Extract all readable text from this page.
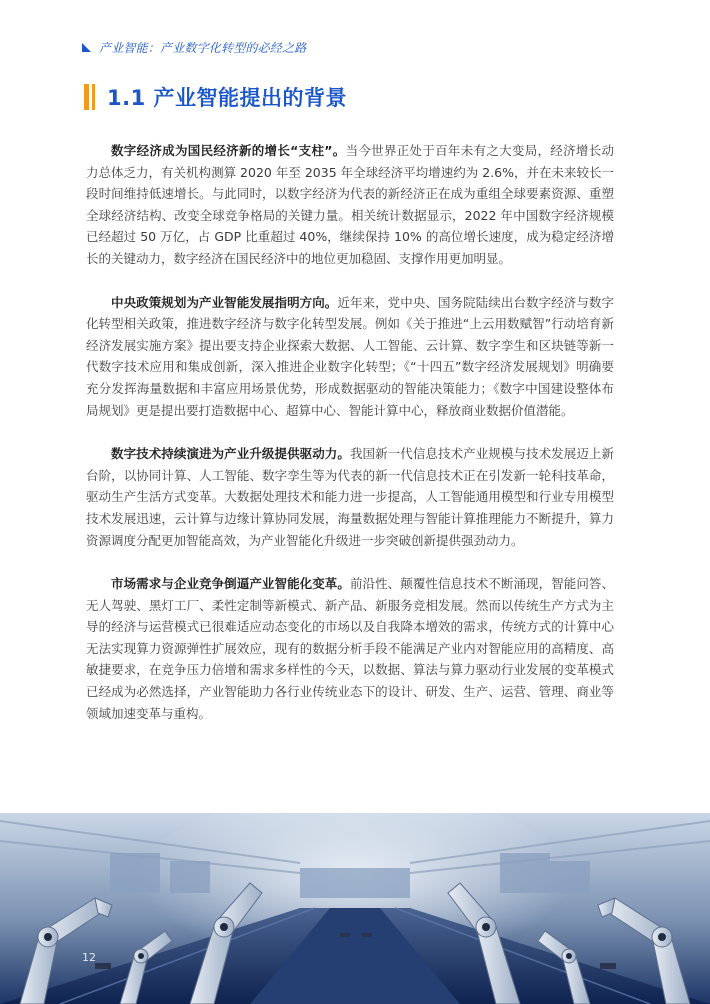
产业智能：产业数字化转型的必经之路
1.1 产业智能提出的背景

数字经济成为国民经济新的增长“支柱”。当今世界正处于百年未有之大变局，经济增长动力总体乏力，有关机构测算 2020 年至 2035 年全球经济平均增速约为 2.6%，并在未来较长一段时间维持低速增长。与此同时，以数字经济为代表的新经济正在成为重组全球要素资源、重塑全球经济结构、改变全球竞争格局的关键力量。相关统计数据显示，2022 年中国数字经济规模已经超过 50 万亿，占 GDP 比重超过 40%，继续保持 10% 的高位增长速度，成为稳定经济增长的关键动力，数字经济在国民经济中的地位更加稳固、支撑作用更加明显。

中央政策规划为产业智能发展指明方向。近年来，党中央、国务院陆续出台数字经济与数字化转型相关政策，推进数字经济与数字化转型发展。例如《关于推进“上云用数赋智”行动培育新经济发展实施方案》提出要支持企业探索大数据、人工智能、云计算、数字孪生和区块链等新一代数字技术应用和集成创新，深入推进企业数字化转型；《“十四五”数字经济发展规划》明确要充分发挥海量数据和丰富应用场景优势，形成数据驱动的智能决策能力；《数字中国建设整体布局规划》更是提出要打造数据中心、超算中心、智能计算中心，释放商业数据价值潜能。

数字技术持续演进为产业升级提供驱动力。我国新一代信息技术产业规模与技术发展迈上新台阶，以协同计算、人工智能、数字孪生等为代表的新一代信息技术正在引发新一轮科技革命，驱动生产生活方式变革。大数据处理技术和能力进一步提高，人工智能通用模型和行业专用模型技术发展迅速，云计算与边缘计算协同发展，海量数据处理与智能计算推理能力不断提升，算力资源调度分配更加智能高效，为产业智能化升级进一步突破创新提供强劲动力。

市场需求与企业竞争倒逼产业智能化变革。前沿性、颠覆性信息技术不断涌现，智能问答、无人驾驶、黑灯工厂、柔性定制等新模式、新产品、新服务竞相发展。然而以传统生产方式为主导的经济与运营模式已很难适应动态变化的市场以及自我降本增效的需求，传统方式的计算中心无法实现算力资源弹性扩展效应，现有的数据分析手段不能满足产业内对智能应用的高精度、高敏捷要求，在竞争压力倍增和需求多样性的今天，以数据、算法与算力驱动行业发展的变革模式已经成为必然选择，产业智能助力各行业传统业态下的设计、研发、生产、运营、管理、商业等领域加速变革与重构。

12
